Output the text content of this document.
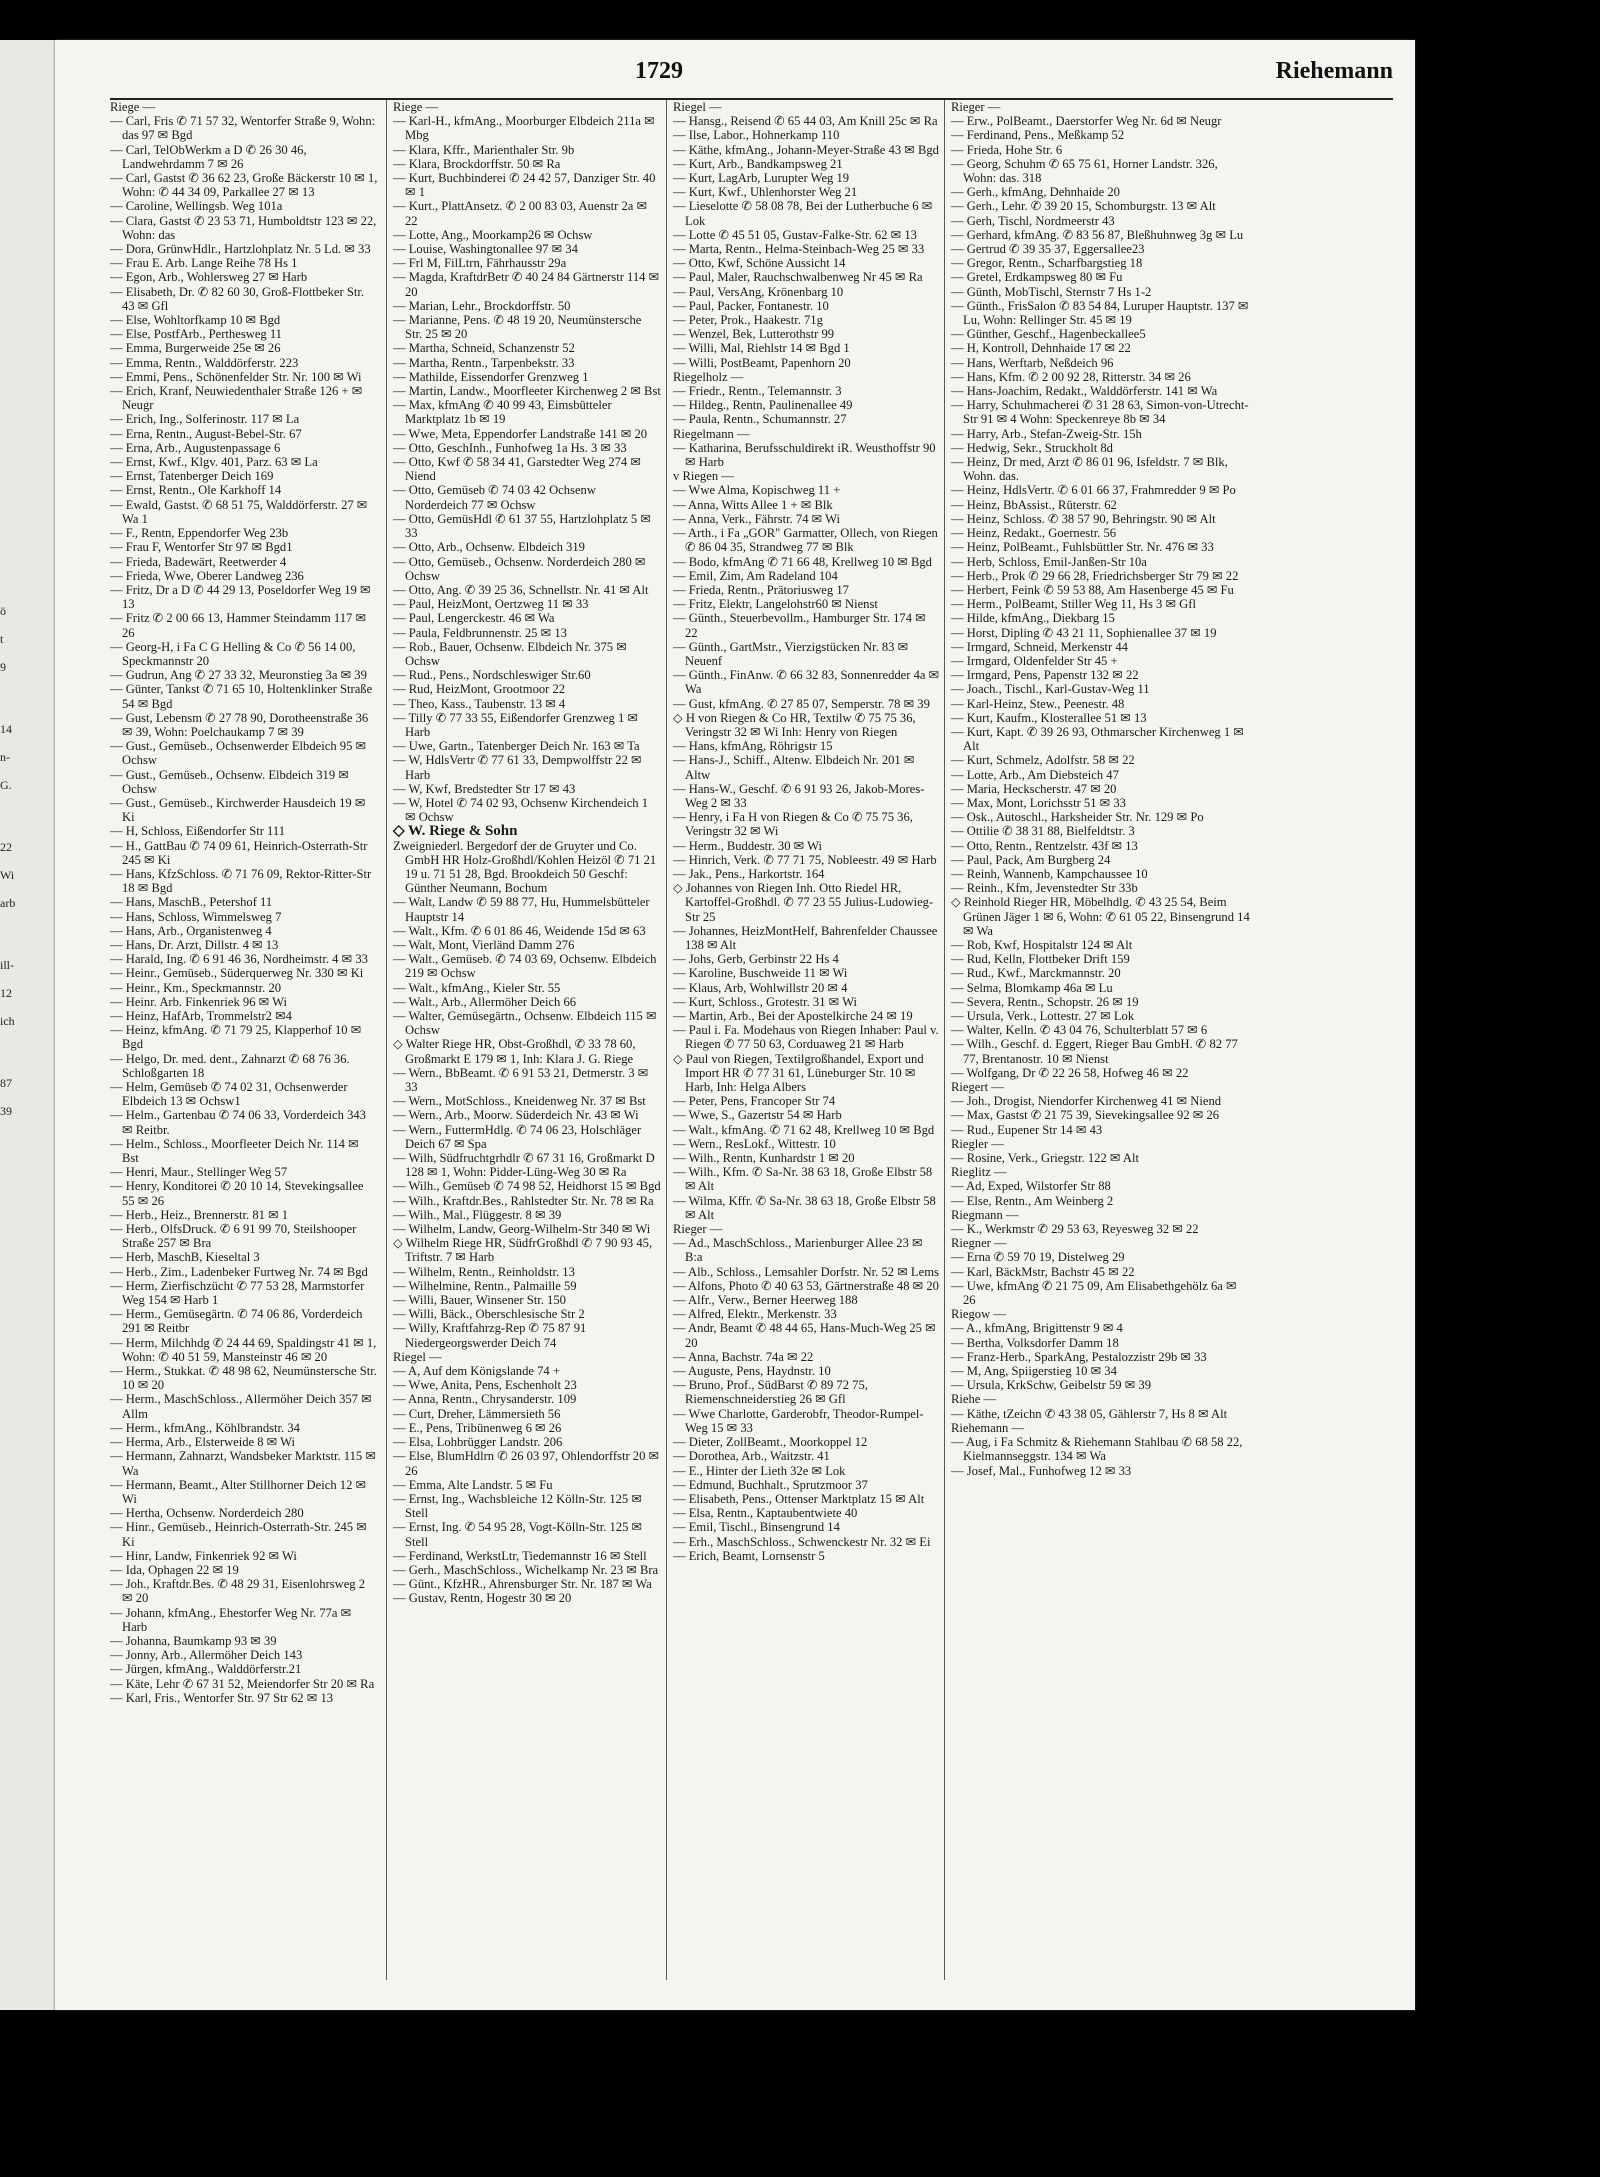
ö
t
9
14
n-
G.
22
Wi
arb
ill-
12
ich
87
39
1729	Riehemann
Riege —
— Carl, Fris ✆ 71 57 32, Wentorfer Straße 9, Wohn: das 97 ✉ Bgd
— Carl, TelObWerkm a D ✆ 26 30 46, Landwehrdamm 7 ✉ 26
— Carl, Gastst ✆ 36 62 23, Große Bäckerstr 10 ✉ 1, Wohn: ✆ 44 34 09, Parkallee 27 ✉ 13
— Caroline, Wellingsb. Weg 101a
— Clara, Gastst ✆ 23 53 71, Humboldtstr 123 ✉ 22, Wohn: das
— Dora, GrünwHdlr., Hartzlohplatz Nr. 5 Ld. ✉ 33
— Frau E. Arb. Lange Reihe 78 Hs 1
— Egon, Arb., Wohlersweg 27 ✉ Harb
— Elisabeth, Dr. ✆ 82 60 30, Groß-Flottbeker Str. 43 ✉ Gfl
— Else, Wohltorfkamp 10 ✉ Bgd
— Else, PostfArb., Perthesweg 11
— Emma, Burgerweide 25e ✉ 26
— Emma, Rentn., Walddörferstr. 223
— Emmi, Pens., Schönenfelder Str. Nr. 100 ✉ Wi
— Erich, Kranf, Neuwiedenthaler Straße 126 + ✉ Neugr
— Erich, Ing., Solferinostr. 117 ✉ La
— Erna, Rentn., August-Bebel-Str. 67
— Erna, Arb., Augustenpassage 6
— Ernst, Kwf., Klgv. 401, Parz. 63 ✉ La
— Ernst, Tatenberger Deich 169
— Ernst, Rentn., Ole Karkhoff 14
— Ewald, Gastst. ✆ 68 51 75, Walddörferstr. 27 ✉ Wa 1
— F., Rentn, Eppendorfer Weg 23b
— Frau F, Wentorfer Str 97 ✉ Bgd1
— Frieda, Badewärt, Reetwerder 4
— Frieda, Wwe, Oberer Landweg 236
— Fritz, Dr a D ✆ 44 29 13, Poseldorfer Weg 19 ✉ 13
— Fritz ✆ 2 00 66 13, Hammer Steindamm 117 ✉ 26
— Georg-H, i Fa C G Helling & Co ✆ 56 14 00, Speckmannstr 20
— Gudrun, Ang ✆ 27 33 32, Meuronstieg 3a ✉ 39
— Günter, Tankst ✆ 71 65 10, Holtenklinker Straße 54 ✉ Bgd
— Gust, Lebensm ✆ 27 78 90, Dorotheenstraße 36 ✉ 39, Wohn: Poelchaukamp 7 ✉ 39
— Gust., Gemüseb., Ochsenwerder Elbdeich 95 ✉ Ochsw
— Gust., Gemüseb., Ochsenw. Elbdeich 319 ✉ Ochsw
— Gust., Gemüseb., Kirchwerder Hausdeich 19 ✉ Ki
— H, Schloss, Eißendorfer Str 111
— H., GattBau ✆ 74 09 61, Heinrich-Osterrath-Str 245 ✉ Ki
— Hans, KfzSchloss. ✆ 71 76 09, Rektor-Ritter-Str 18 ✉ Bgd
— Hans, MaschB., Petershof 11
— Hans, Schloss, Wimmelsweg 7
— Hans, Arb., Organistenweg 4
— Hans, Dr. Arzt, Dillstr. 4 ✉ 13
— Harald, Ing. ✆ 6 91 46 36, Nordheimstr. 4 ✉ 33
— Heinr., Gemüseb., Süderquerweg Nr. 330 ✉ Ki
— Heinr., Km., Speckmannstr. 20
— Heinr. Arb. Finkenriek 96 ✉ Wi
— Heinz, HafArb, Trommelstr2 ✉4
— Heinz, kfmAng. ✆ 71 79 25, Klapperhof 10 ✉ Bgd
— Helgo, Dr. med. dent., Zahnarzt ✆ 68 76 36. Schloßgarten 18
— Helm, Gemüseb ✆ 74 02 31, Ochsenwerder Elbdeich 13 ✉ Ochsw1
— Helm., Gartenbau ✆ 74 06 33, Vorderdeich 343 ✉ Reitbr.
— Helm., Schloss., Moorfleeter Deich Nr. 114 ✉ Bst
— Henri, Maur., Stellinger Weg 57
— Henry, Konditorei ✆ 20 10 14, Stevekingsallee 55 ✉ 26
— Herb., Heiz., Brennerstr. 81 ✉ 1
— Herb., OlfsDruck. ✆ 6 91 99 70, Steilshooper Straße 257 ✉ Bra
— Herb, MaschB, Kieseltal 3
— Herb., Zim., Ladenbeker Furtweg Nr. 74 ✉ Bgd
— Herm, Zierfischzücht ✆ 77 53 28, Marmstorfer Weg 154 ✉ Harb 1
— Herm., Gemüsegärtn. ✆ 74 06 86, Vorderdeich 291 ✉ Reitbr
— Herm, Milchhdg ✆ 24 44 69, Spaldingstr 41 ✉ 1, Wohn: ✆ 40 51 59, Mansteinstr 46 ✉ 20
— Herm., Stukkat. ✆ 48 98 62, Neumünstersche Str. 10 ✉ 20
— Herm., MaschSchloss., Allermöher Deich 357 ✉ Allm
— Herm., kfmAng., Köhlbrandstr. 34
— Herma, Arb., Elsterweide 8 ✉ Wi
— Hermann, Zahnarzt, Wandsbeker Marktstr. 115 ✉ Wa
— Hermann, Beamt., Alter Stillhorner Deich 12 ✉ Wi
— Hertha, Ochsenw. Norderdeich 280
— Hinr., Gemüseb., Heinrich-Osterrath-Str. 245 ✉ Ki
— Hinr, Landw, Finkenriek 92 ✉ Wi
— Ida, Ophagen 22 ✉ 19
— Joh., Kraftdr.Bes. ✆ 48 29 31, Eisenlohrsweg 2 ✉ 20
— Johann, kfmAng., Ehestorfer Weg Nr. 77a ✉ Harb
— Johanna, Baumkamp 93 ✉ 39
— Jonny, Arb., Allermöher Deich 143
— Jürgen, kfmAng., Walddörferstr.21
— Käte, Lehr ✆ 67 31 52, Meiendorfer Str 20 ✉ Ra
— Karl, Fris., Wentorfer Str. 97 Str 62 ✉ 13
Riege —
— Karl-H., kfmAng., Moorburger Elbdeich 211a ✉ Mbg
— Klara, Kffr., Marienthaler Str. 9b
— Klara, Brockdorffstr. 50 ✉ Ra
— Kurt, Buchbinderei ✆ 24 42 57, Danziger Str. 40 ✉ 1
— Kurt., PlattAnsetz. ✆ 2 00 83 03, Auenstr 2a ✉ 22
— Lotte, Ang., Moorkamp26 ✉ Ochsw
— Louise, Washingtonallee 97 ✉ 34
— Frl M, FilLtrn, Fährhausstr 29a
— Magda, KraftdrBetr ✆ 40 24 84 Gärtnerstr 114 ✉ 20
— Marian, Lehr., Brockdorffstr. 50
— Marianne, Pens. ✆ 48 19 20, Neumünstersche Str. 25 ✉ 20
— Martha, Schneid, Schanzenstr 52
— Martha, Rentn., Tarpenbekstr. 33
— Mathilde, Eissendorfer Grenzweg 1
— Martin, Landw., Moorfleeter Kirchenweg 2 ✉ Bst
— Max, kfmAng ✆ 40 99 43, Eimsbütteler Marktplatz 1b ✉ 19
— Wwe, Meta, Eppendorfer Landstraße 141 ✉ 20
— Otto, GeschInh., Funhofweg 1a Hs. 3 ✉ 33
— Otto, Kwf ✆ 58 34 41, Garstedter Weg 274 ✉ Niend
— Otto, Gemüseb ✆ 74 03 42 Ochsenw Norderdeich 77 ✉ Ochsw
— Otto, GemüsHdl ✆ 61 37 55, Hartzlohplatz 5 ✉ 33
— Otto, Arb., Ochsenw. Elbdeich 319
— Otto, Gemüseb., Ochsenw. Norderdeich 280 ✉ Ochsw
— Otto, Ang. ✆ 39 25 36, Schnellstr. Nr. 41 ✉ Alt
— Paul, HeizMont, Oertzweg 11 ✉ 33
— Paul, Lengerckestr. 46 ✉ Wa
— Paula, Feldbrunnenstr. 25 ✉ 13
— Rob., Bauer, Ochsenw. Elbdeich Nr. 375 ✉ Ochsw
— Rud., Pens., Nordschleswiger Str.60
— Rud, HeizMont, Grootmoor 22
— Theo, Kass., Taubenstr. 13 ✉ 4
— Tilly ✆ 77 33 55, Eißendorfer Grenzweg 1 ✉ Harb
— Uwe, Gartn., Tatenberger Deich Nr. 163 ✉ Ta
— W, HdlsVertr ✆ 77 61 33, Dempwolffstr 22 ✉ Harb
— W, Kwf, Bredstedter Str 17 ✉ 43
— W, Hotel ✆ 74 02 93, Ochsenw Kirchendeich 1 ✉ Ochsw
◇ W. Riege & Sohn
Zweigniederl. Bergedorf der de Gruyter und Co. GmbH HR Holz-Großhdl/Kohlen Heizöl ✆ 71 21 19 u. 71 51 28, Bgd. Brookdeich 50 Geschf: Günther Neumann, Bochum
— Walt, Landw ✆ 59 88 77, Hu, Hummelsbütteler Hauptstr 14
— Walt., Kfm. ✆ 6 01 86 46, Weidende 15d ✉ 63
— Walt, Mont, Vierländ Damm 276
— Walt., Gemüseb. ✆ 74 03 69, Ochsenw. Elbdeich 219 ✉ Ochsw
— Walt., kfmAng., Kieler Str. 55
— Walt., Arb., Allermöher Deich 66
— Walter, Gemüsegärtn., Ochsenw. Elbdeich 115 ✉ Ochsw
◇ Walter Riege HR, Obst-Großhdl, ✆ 33 78 60, Großmarkt E 179 ✉ 1, Inh: Klara J. G. Riege
— Wern., BbBeamt. ✆ 6 91 53 21, Detmerstr. 3 ✉ 33
— Wern., MotSchloss., Kneidenweg Nr. 37 ✉ Bst
— Wern., Arb., Moorw. Süderdeich Nr. 43 ✉ Wi
— Wern., FuttermHdlg. ✆ 74 06 23, Holschläger Deich 67 ✉ Spa
— Wilh, Südfruchtgrhdlr ✆ 67 31 16, Großmarkt D 128 ✉ 1, Wohn: Pidder-Lüng-Weg 30 ✉ Ra
— Wilh., Gemüseb ✆ 74 98 52, Heidhorst 15 ✉ Bgd
— Wilh., Kraftdr.Bes., Rahlstedter Str. Nr. 78 ✉ Ra
— Wilh., Mal., Flüggestr. 8 ✉ 39
— Wilhelm, Landw, Georg-Wilhelm-Str 340 ✉ Wi
◇ Wilhelm Riege HR, SüdfrGroßhdl ✆ 7 90 93 45, Triftstr. 7 ✉ Harb
— Wilhelm, Rentn., Reinholdstr. 13
— Wilhelmine, Rentn., Palmaille 59
— Willi, Bauer, Winsener Str. 150
— Willi, Bäck., Oberschlesische Str 2
— Willy, Kraftfahrzg-Rep ✆ 75 87 91 Niedergeorgswerder Deich 74
Riegel —
— A, Auf dem Königslande 74 +
— Wwe, Anita, Pens, Eschenholt 23
— Anna, Rentn., Chrysanderstr. 109
— Curt, Dreher, Lämmersieth 56
— E., Pens, Tribünenweg 6 ✉ 26
— Elsa, Lohbrügger Landstr. 206
— Else, BlumHdlrn ✆ 26 03 97, Ohlendorffstr 20 ✉ 26
— Emma, Alte Landstr. 5 ✉ Fu
— Ernst, Ing., Wachsbleiche 12 Kölln-Str. 125 ✉ Stell
— Ernst, Ing. ✆ 54 95 28, Vogt-Kölln-Str. 125 ✉ Stell
— Ferdinand, WerkstLtr, Tiedemannstr 16 ✉ Stell
— Gerh., MaschSchloss., Wichelkamp Nr. 23 ✉ Bra
— Günt., KfzHR., Ahrensburger Str. Nr. 187 ✉ Wa
— Gustav, Rentn, Hogestr 30 ✉ 20
Riegel —
— Hansg., Reisend ✆ 65 44 03, Am Knill 25c ✉ Ra
— Ilse, Labor., Hohnerkamp 110
— Käthe, kfmAng., Johann-Meyer-Straße 43 ✉ Bgd
— Kurt, Arb., Bandkampsweg 21
— Kurt, LagArb, Lurupter Weg 19
— Kurt, Kwf., Uhlenhorster Weg 21
— Lieselotte ✆ 58 08 78, Bei der Lutherbuche 6 ✉ Lok
— Lotte ✆ 45 51 05, Gustav-Falke-Str. 62 ✉ 13
— Marta, Rentn., Helma-Steinbach-Weg 25 ✉ 33
— Otto, Kwf, Schöne Aussicht 14
— Paul, Maler, Rauchschwalbenweg Nr 45 ✉ Ra
— Paul, VersAng, Krönenbarg 10
— Paul, Packer, Fontanestr. 10
— Peter, Prok., Haakestr. 71g
— Wenzel, Bek, Lutterothstr 99
— Willi, Mal, Riehlstr 14 ✉ Bgd 1
— Willi, PostBeamt, Papenhorn 20
Riegelholz —
— Friedr., Rentn., Telemannstr. 3
— Hildeg., Rentn, Paulinenallee 49
— Paula, Rentn., Schumannstr. 27
Riegelmann —
— Katharina, Berufsschuldirekt iR. Weusthoffstr 90 ✉ Harb
v Riegen —
— Wwe Alma, Kopischweg 11 +
— Anna, Witts Allee 1 + ✉ Blk
— Anna, Verk., Fährstr. 74 ✉ Wi
— Arth., i Fa „GOR" Garmatter, Ollech, von Riegen ✆ 86 04 35, Strandweg 77 ✉ Blk
— Bodo, kfmAng ✆ 71 66 48, Krellweg 10 ✉ Bgd
— Emil, Zim, Am Radeland 104
— Frieda, Rentn., Prätoriusweg 17
— Fritz, Elektr, Langelohstr60 ✉ Nienst
— Günth., Steuerbevollm., Hamburger Str. 174 ✉ 22
— Günth., GartMstr., Vierzigstücken Nr. 83 ✉ Neuenf
— Günth., FinAnw. ✆ 66 32 83, Sonnenredder 4a ✉ Wa
— Gust, kfmAng. ✆ 27 85 07, Semperstr. 78 ✉ 39
◇ H von Riegen & Co HR, Textilw ✆ 75 75 36, Veringstr 32 ✉ Wi Inh: Henry von Riegen
— Hans, kfmAng, Röhrigstr 15
— Hans-J., Schiff., Altenw. Elbdeich Nr. 201 ✉ Altw
— Hans-W., Geschf. ✆ 6 91 93 26, Jakob-Mores-Weg 2 ✉ 33
— Henry, i Fa H von Riegen & Co ✆ 75 75 36, Veringstr 32 ✉ Wi
— Herm., Buddestr. 30 ✉ Wi
— Hinrich, Verk. ✆ 77 71 75, Nobleestr. 49 ✉ Harb
— Jak., Pens., Harkortstr. 164
◇ Johannes von Riegen Inh. Otto Riedel HR, Kartoffel-Großhdl. ✆ 77 23 55 Julius-Ludowieg-Str 25
— Johannes, HeizMontHelf, Bahrenfelder Chaussee 138 ✉ Alt
— Johs, Gerb, Gerbinstr 22 Hs 4
— Karoline, Buschweide 11 ✉ Wi
— Klaus, Arb, Wohlwillstr 20 ✉ 4
— Kurt, Schloss., Grotestr. 31 ✉ Wi
— Martin, Arb., Bei der Apostelkirche 24 ✉ 19
— Paul i. Fa. Modehaus von Riegen Inhaber: Paul v. Riegen ✆ 77 50 63, Corduaweg 21 ✉ Harb
◇ Paul von Riegen, Textilgroßhandel, Export und Import HR ✆ 77 31 61, Lüneburger Str. 10 ✉ Harb, Inh: Helga Albers
— Peter, Pens, Francoper Str 74
— Wwe, S., Gazertstr 54 ✉ Harb
— Walt., kfmAng. ✆ 71 62 48, Krellweg 10 ✉ Bgd
— Wern., ResLokf., Wittestr. 10
— Wilh., Rentn, Kunhardstr 1 ✉ 20
— Wilh., Kfm. ✆ Sa-Nr. 38 63 18, Große Elbstr 58 ✉ Alt
— Wilma, Kffr. ✆ Sa-Nr. 38 63 18, Große Elbstr 58 ✉ Alt
Rieger —
— Ad., MaschSchloss., Marienburger Allee 23 ✉ B:a
— Alb., Schloss., Lemsahler Dorfstr. Nr. 52 ✉ Lems
— Alfons, Photo ✆ 40 63 53, Gärtnerstraße 48 ✉ 20
— Alfr., Verw., Berner Heerweg 188
— Alfred, Elektr., Merkenstr. 33
— Andr, Beamt ✆ 48 44 65, Hans-Much-Weg 25 ✉ 20
— Anna, Bachstr. 74a ✉ 22
— Auguste, Pens, Haydnstr. 10
— Bruno, Prof., SüdBarst ✆ 89 72 75, Riemenschneiderstieg 26 ✉ Gfl
— Wwe Charlotte, Garderobfr, Theodor-Rumpel-Weg 15 ✉ 33
— Dieter, ZollBeamt., Moorkoppel 12
— Dorothea, Arb., Waitzstr. 41
— E., Hinter der Lieth 32e ✉ Lok
— Edmund, Buchhalt., Sprutzmoor 37
— Elisabeth, Pens., Ottenser Marktplatz 15 ✉ Alt
— Elsa, Rentn., Kaptaubentwiete 40
— Emil, Tischl., Binsengrund 14
— Erh., MaschSchloss., Schwenckestr Nr. 32 ✉ Ei
— Erich, Beamt, Lornsenstr 5
Rieger —
— Erw., PolBeamt., Daerstorfer Weg Nr. 6d ✉ Neugr
— Ferdinand, Pens., Meßkamp 52
— Frieda, Hohe Str. 6
— Georg, Schuhm ✆ 65 75 61, Horner Landstr. 326, Wohn: das. 318
— Gerh., kfmAng, Dehnhaide 20
— Gerh., Lehr. ✆ 39 20 15, Schomburgstr. 13 ✉ Alt
— Gerh, Tischl, Nordmeerstr 43
— Gerhard, kfmAng. ✆ 83 56 87, Bleßhuhnweg 3g ✉ Lu
— Gertrud ✆ 39 35 37, Eggersallee23
— Gregor, Rentn., Scharfbargstieg 18
— Gretel, Erdkampsweg 80 ✉ Fu
— Günth, MobTischl, Sternstr 7 Hs 1-2
— Günth., FrisSalon ✆ 83 54 84, Luruper Hauptstr. 137 ✉ Lu, Wohn: Rellinger Str. 45 ✉ 19
— Günther, Geschf., Hagenbeckallee5
— H, Kontroll, Dehnhaide 17 ✉ 22
— Hans, Werftarb, Neßdeich 96
— Hans, Kfm. ✆ 2 00 92 28, Ritterstr. 34 ✉ 26
— Hans-Joachim, Redakt., Walddörferstr. 141 ✉ Wa
— Harry, Schuhmacherei ✆ 31 28 63, Simon-von-Utrecht-Str 91 ✉ 4 Wohn: Speckenreye 8b ✉ 34
— Harry, Arb., Stefan-Zweig-Str. 15h
— Hedwig, Sekr., Struckholt 8d
— Heinz, Dr med, Arzt ✆ 86 01 96, Isfeldstr. 7 ✉ Blk, Wohn. das.
— Heinz, HdlsVertr. ✆ 6 01 66 37, Frahmredder 9 ✉ Po
— Heinz, BbAssist., Rüterstr. 62
— Heinz, Schloss. ✆ 38 57 90, Behringstr. 90 ✉ Alt
— Heinz, Redakt., Goernestr. 56
— Heinz, PolBeamt., Fuhlsbüttler Str. Nr. 476 ✉ 33
— Herb, Schloss, Emil-Janßen-Str 10a
— Herb., Prok ✆ 29 66 28, Friedrichsberger Str 79 ✉ 22
— Herbert, Feink ✆ 59 53 88, Am Hasenberge 45 ✉ Fu
— Herm., PolBeamt, Stiller Weg 11, Hs 3 ✉ Gfl
— Hilde, kfmAng., Diekbarg 15
— Horst, Dipling ✆ 43 21 11, Sophienallee 37 ✉ 19
— Irmgard, Schneid, Merkenstr 44
— Irmgard, Oldenfelder Str 45 +
— Irmgard, Pens, Papenstr 132 ✉ 22
— Joach., Tischl., Karl-Gustav-Weg 11
— Karl-Heinz, Stew., Peenestr. 48
— Kurt, Kaufm., Klosterallee 51 ✉ 13
— Kurt, Kapt. ✆ 39 26 93, Othmarscher Kirchenweg 1 ✉ Alt
— Kurt, Schmelz, Adolfstr. 58 ✉ 22
— Lotte, Arb., Am Diebsteich 47
— Maria, Heckscherstr. 47 ✉ 20
— Max, Mont, Lorichsstr 51 ✉ 33
— Osk., Autoschl., Harksheider Str. Nr. 129 ✉ Po
— Ottilie ✆ 38 31 88, Bielfeldtstr. 3
— Otto, Rentn., Rentzelstr. 43f ✉ 13
— Paul, Pack, Am Burgberg 24
— Reinh, Wannenb, Kampchaussee 10
— Reinh., Kfm, Jevenstedter Str 33b
◇ Reinhold Rieger HR, Möbelhdlg. ✆ 43 25 54, Beim Grünen Jäger 1 ✉ 6, Wohn: ✆ 61 05 22, Binsengrund 14 ✉ Wa
— Rob, Kwf, Hospitalstr 124 ✉ Alt
— Rud, Kelln, Flottbeker Drift 159
— Rud., Kwf., Marckmannstr. 20
— Selma, Blomkamp 46a ✉ Lu
— Severa, Rentn., Schopstr. 26 ✉ 19
— Ursula, Verk., Lottestr. 27 ✉ Lok
— Walter, Kelln. ✆ 43 04 76, Schulterblatt 57 ✉ 6
— Wilh., Geschf. d. Eggert, Rieger Bau GmbH. ✆ 82 77 77, Brentanostr. 10 ✉ Nienst
— Wolfgang, Dr ✆ 22 26 58, Hofweg 46 ✉ 22
Riegert —
— Joh., Drogist, Niendorfer Kirchenweg 41 ✉ Niend
— Max, Gastst ✆ 21 75 39, Sievekingsallee 92 ✉ 26
— Rud., Eupener Str 14 ✉ 43
Riegler —
— Rosine, Verk., Griegstr. 122 ✉ Alt
Rieglitz —
— Ad, Exped, Wilstorfer Str 88
— Else, Rentn., Am Weinberg 2
Riegmann —
— K., Werkmstr ✆ 29 53 63, Reyesweg 32 ✉ 22
Riegner —
— Erna ✆ 59 70 19, Distelweg 29
— Karl, BäckMstr, Bachstr 45 ✉ 22
— Uwe, kfmAng ✆ 21 75 09, Am Elisabethgehölz 6a ✉ 26
Riegow —
— A., kfmAng, Brigittenstr 9 ✉ 4
— Bertha, Volksdorfer Damm 18
— Franz-Herb., SparkAng, Pestalozzistr 29b ✉ 33
— M, Ang, Spiigerstieg 10 ✉ 34
— Ursula, KrkSchw, Geibelstr 59 ✉ 39
Riehe —
— Käthe, tZeichn ✆ 43 38 05, Gählerstr 7, Hs 8 ✉ Alt
Riehemann —
— Aug, i Fa Schmitz & Riehemann Stahlbau ✆ 68 58 22, Kielmannseggstr. 134 ✉ Wa
— Josef, Mal., Funhofweg 12 ✉ 33
